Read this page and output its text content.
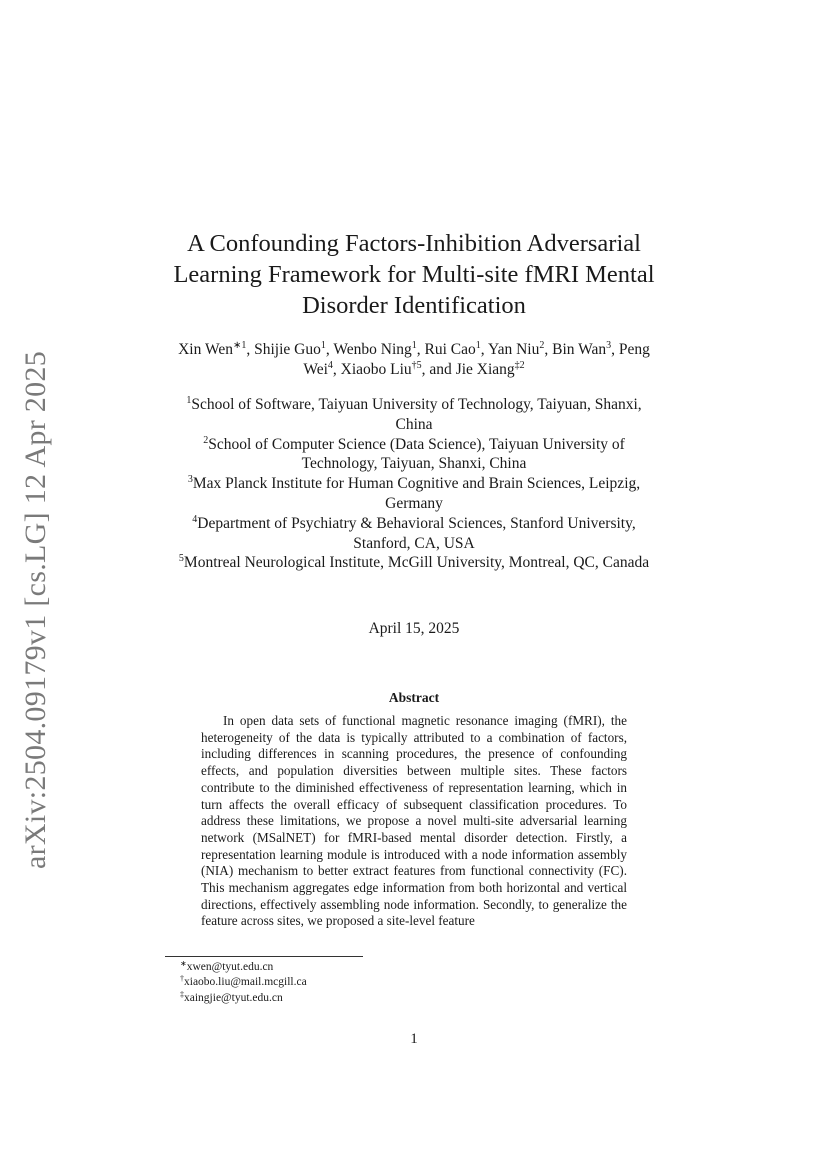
arXiv:2504.09179v1 [cs.LG] 12 Apr 2025
A Confounding Factors-Inhibition Adversarial Learning Framework for Multi-site fMRI Mental Disorder Identification
Xin Wen$^{∗1}$, Shijie Guo$^1$, Wenbo Ning$^1$, Rui Cao$^1$, Yan Niu$^2$, Bin Wan$^3$, Peng Wei$^4$, Xiaobo Liu$^{\dagger 5}$, and Jie Xiang$^{\ddagger 2}$
$^1$School of Software, Taiyuan University of Technology, Taiyuan, Shanxi, China
$^2$School of Computer Science (Data Science), Taiyuan University of Technology, Taiyuan, Shanxi, China
$^3$Max Planck Institute for Human Cognitive and Brain Sciences, Leipzig, Germany
$^4$Department of Psychiatry & Behavioral Sciences, Stanford University, Stanford, CA, USA
$^5$Montreal Neurological Institute, McGill University, Montreal, QC, Canada
April 15, 2025
Abstract
In open data sets of functional magnetic resonance imaging (fMRI), the heterogeneity of the data is typically attributed to a combination of factors, including differences in scanning procedures, the presence of confounding effects, and population diversities between multiple sites. These factors contribute to the diminished effectiveness of representation learning, which in turn affects the overall efficacy of subsequent classification procedures. To address these limitations, we propose a novel multi-site adversarial learning network (MSalNET) for fMRI-based mental disorder detection. Firstly, a representation learning module is introduced with a node information assembly (NIA) mechanism to better extract features from functional connectivity (FC). This mechanism aggregates edge information from both horizontal and vertical directions, effectively assembling node information. Secondly, to generalize the feature across sites, we proposed a site-level feature
∗xwen@tyut.edu.cn
†xiaobo.liu@mail.mcgill.ca
‡xaingjie@tyut.edu.cn
1
